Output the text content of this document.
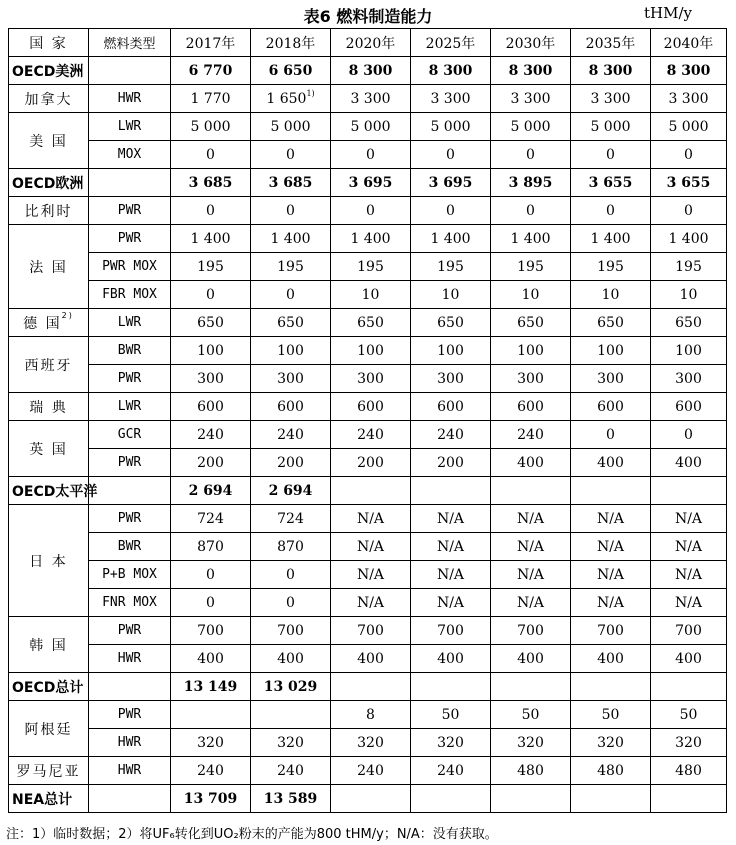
表6 燃料制造能力	tHM/y
国 家	燃料类型	2017年	2018年	2020年	2025年	2030年	2035年	2040年
OECD美洲		6 770	6 650	8 300	8 300	8 300	8 300	8 300
加拿大	HWR	1 770	1 650$^{1)}$	3 300	3 300	3 300	3 300	3 300
美 国	LWR	5 000	5 000	5 000	5 000	5 000	5 000	5 000
	MOX	0	0	0	0	0	0	0
OECD欧洲		3 685	3 685	3 695	3 695	3 895	3 655	3 655
比利时	PWR	0	0	0	0	0	0	0
法 国	PWR	1 400	1 400	1 400	1 400	1 400	1 400	1 400
	PWR MOX	195	195	195	195	195	195	195
	FBR MOX	0	0	10	10	10	10	10
德 国$^{2)}$	LWR	650	650	650	650	650	650	650
西班牙	BWR	100	100	100	100	100	100	100
	PWR	300	300	300	300	300	300	300
瑞 典	LWR	600	600	600	600	600	600	600
英 国	GCR	240	240	240	240	240	0	0
	PWR	200	200	200	200	400	400	400
OECD太平洋		2 694	2 694					
日 本	PWR	724	724	N/A	N/A	N/A	N/A	N/A
	BWR	870	870	N/A	N/A	N/A	N/A	N/A
	P+B MOX	0	0	N/A	N/A	N/A	N/A	N/A
	FNR MOX	0	0	N/A	N/A	N/A	N/A	N/A
韩 国	PWR	700	700	700	700	700	700	700
	HWR	400	400	400	400	400	400	400
OECD总计		13 149	13 029					
阿根廷	PWR			8	50	50	50	50
	HWR	320	320	320	320	320	320	320
罗马尼亚	HWR	240	240	240	240	480	480	480
NEA总计		13 709	13 589					
注：1）临时数据；2）将UF₆转化到UO₂粉末的产能为800 tHM/y；N/A：没有获取。
